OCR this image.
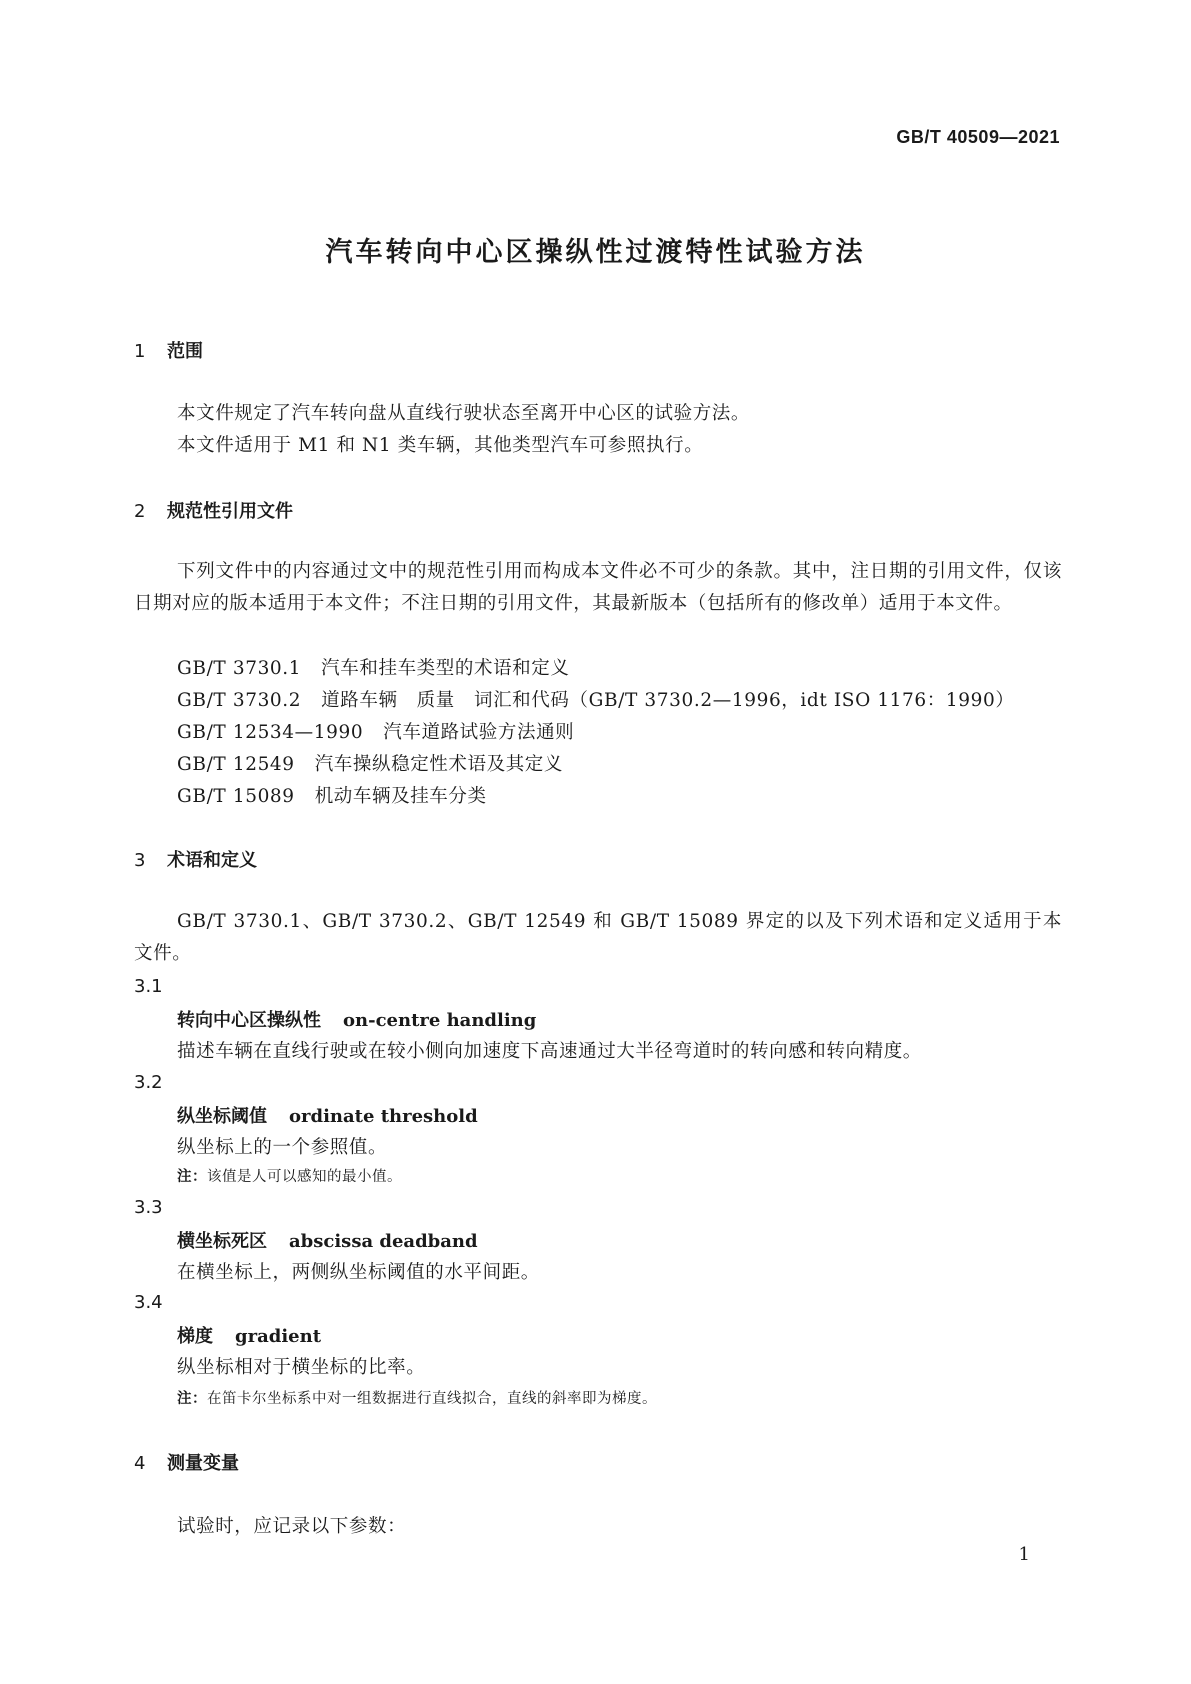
GB/T 40509—2021
汽车转向中心区操纵性过渡特性试验方法
1 范围
本文件规定了汽车转向盘从直线行驶状态至离开中心区的试验方法。
本文件适用于 M1 和 N1 类车辆，其他类型汽车可参照执行。
2 规范性引用文件
下列文件中的内容通过文中的规范性引用而构成本文件必不可少的条款。其中，注日期的引用文件，仅该日期对应的版本适用于本文件；不注日期的引用文件，其最新版本（包括所有的修改单）适用于本文件。
GB/T 3730.1 汽车和挂车类型的术语和定义
GB/T 3730.2 道路车辆　质量　词汇和代码（GB/T 3730.2—1996，idt ISO 1176：1990）
GB/T 12534—1990 汽车道路试验方法通则
GB/T 12549 汽车操纵稳定性术语及其定义
GB/T 15089 机动车辆及挂车分类
3 术语和定义
GB/T 3730.1、GB/T 3730.2、GB/T 12549 和 GB/T 15089 界定的以及下列术语和定义适用于本文件。
3.1
转向中心区操纵性 on-centre handling
描述车辆在直线行驶或在较小侧向加速度下高速通过大半径弯道时的转向感和转向精度。
3.2
纵坐标阈值 ordinate threshold
纵坐标上的一个参照值。
注：该值是人可以感知的最小值。
3.3
横坐标死区 abscissa deadband
在横坐标上，两侧纵坐标阈值的水平间距。
3.4
梯度 gradient
纵坐标相对于横坐标的比率。
注：在笛卡尔坐标系中对一组数据进行直线拟合，直线的斜率即为梯度。
4 测量变量
试验时，应记录以下参数：
1
